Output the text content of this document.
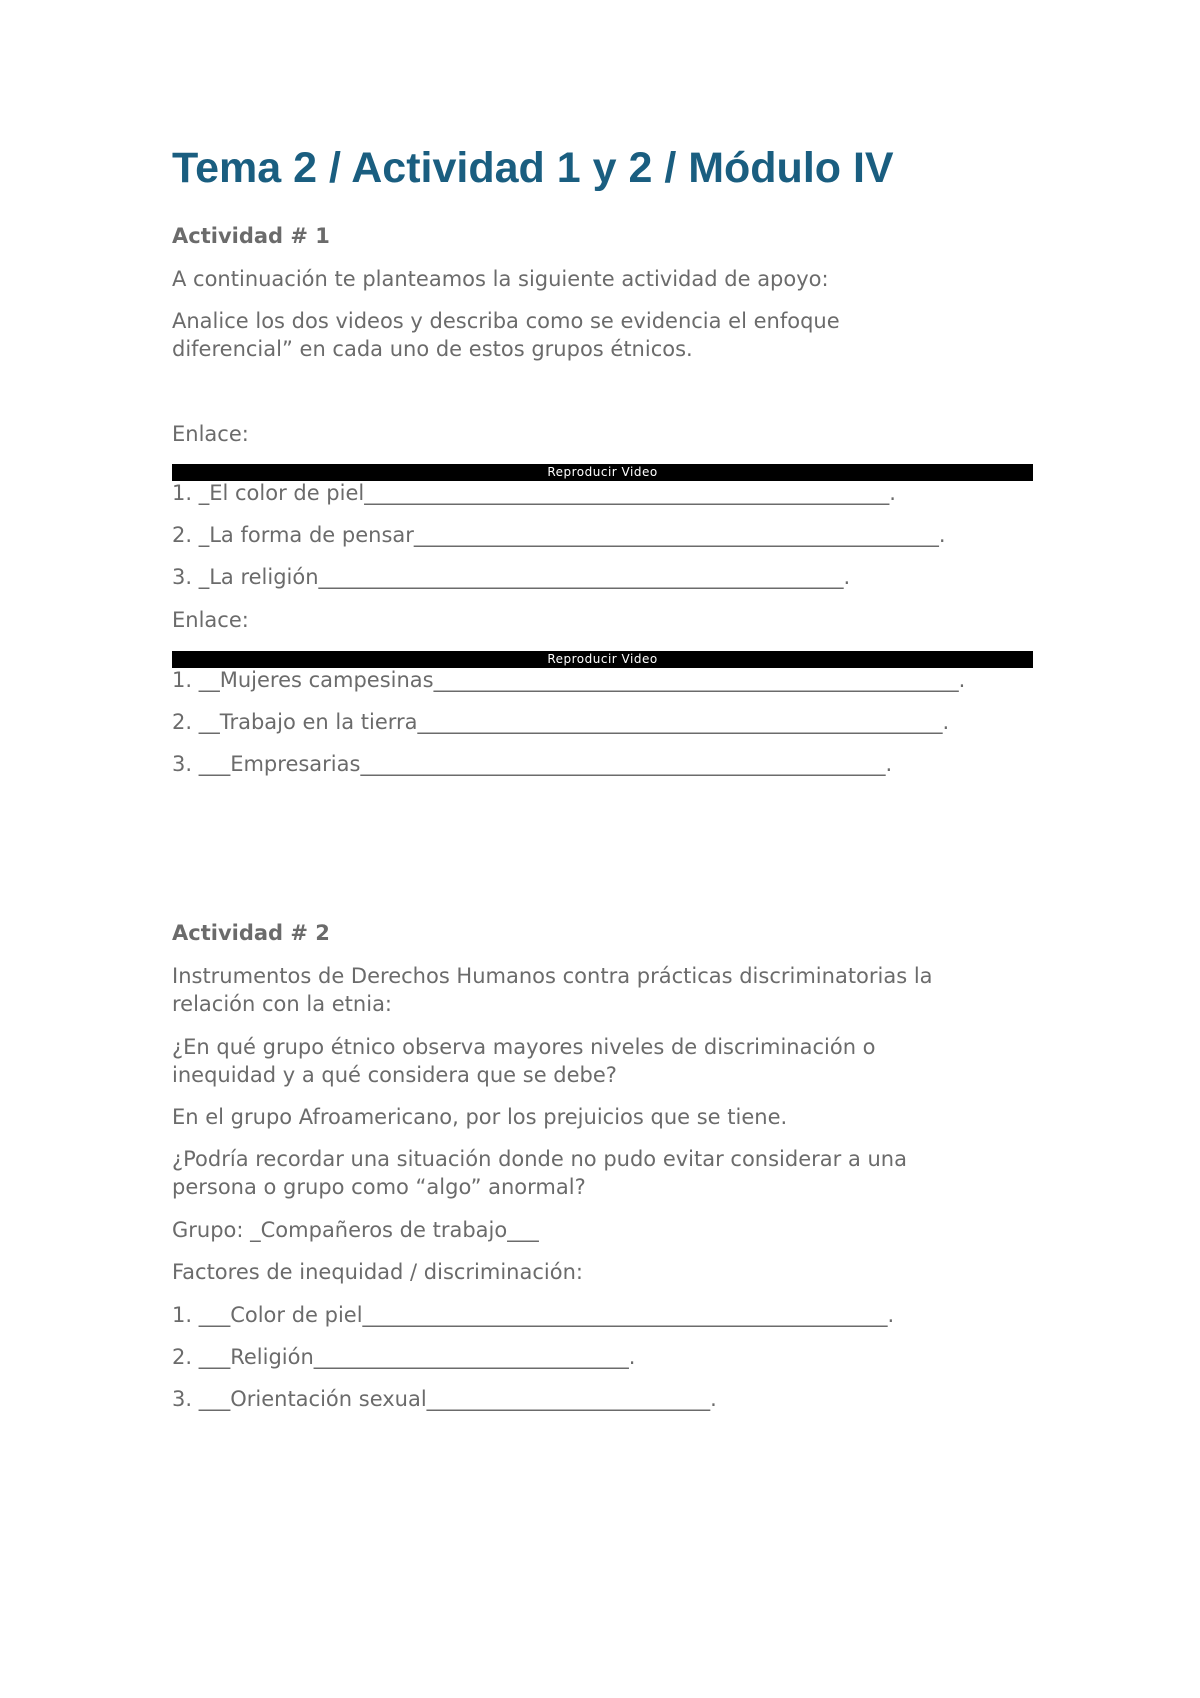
Tema 2 / Actividad 1 y 2 / Módulo IV
Actividad # 1
A continuación te planteamos la siguiente actividad de apoyo:
Analice los dos videos y describa como se evidencia el enfoque
diferencial” en cada uno de estos grupos étnicos.
Enlace:
Reproducir Video
1. _El color de piel__________________________________________________.
2. _La forma de pensar__________________________________________________.
3. _La religión__________________________________________________.
Enlace:
Reproducir Video
1. __Mujeres campesinas__________________________________________________.
2. __Trabajo en la tierra__________________________________________________.
3. ___Empresarias__________________________________________________.
Actividad # 2
Instrumentos de Derechos Humanos contra prácticas discriminatorias la
relación con la etnia:
¿En qué grupo étnico observa mayores niveles de discriminación o
inequidad y a qué considera que se debe?
En el grupo Afroamericano, por los prejuicios que se tiene.
¿Podría recordar una situación donde no pudo evitar considerar a una
persona o grupo como “algo” anormal?
Grupo: _Compañeros de trabajo___
Factores de inequidad / discriminación:
1. ___Color de piel__________________________________________________.
2. ___Religión______________________________.
3. ___Orientación sexual___________________________.
